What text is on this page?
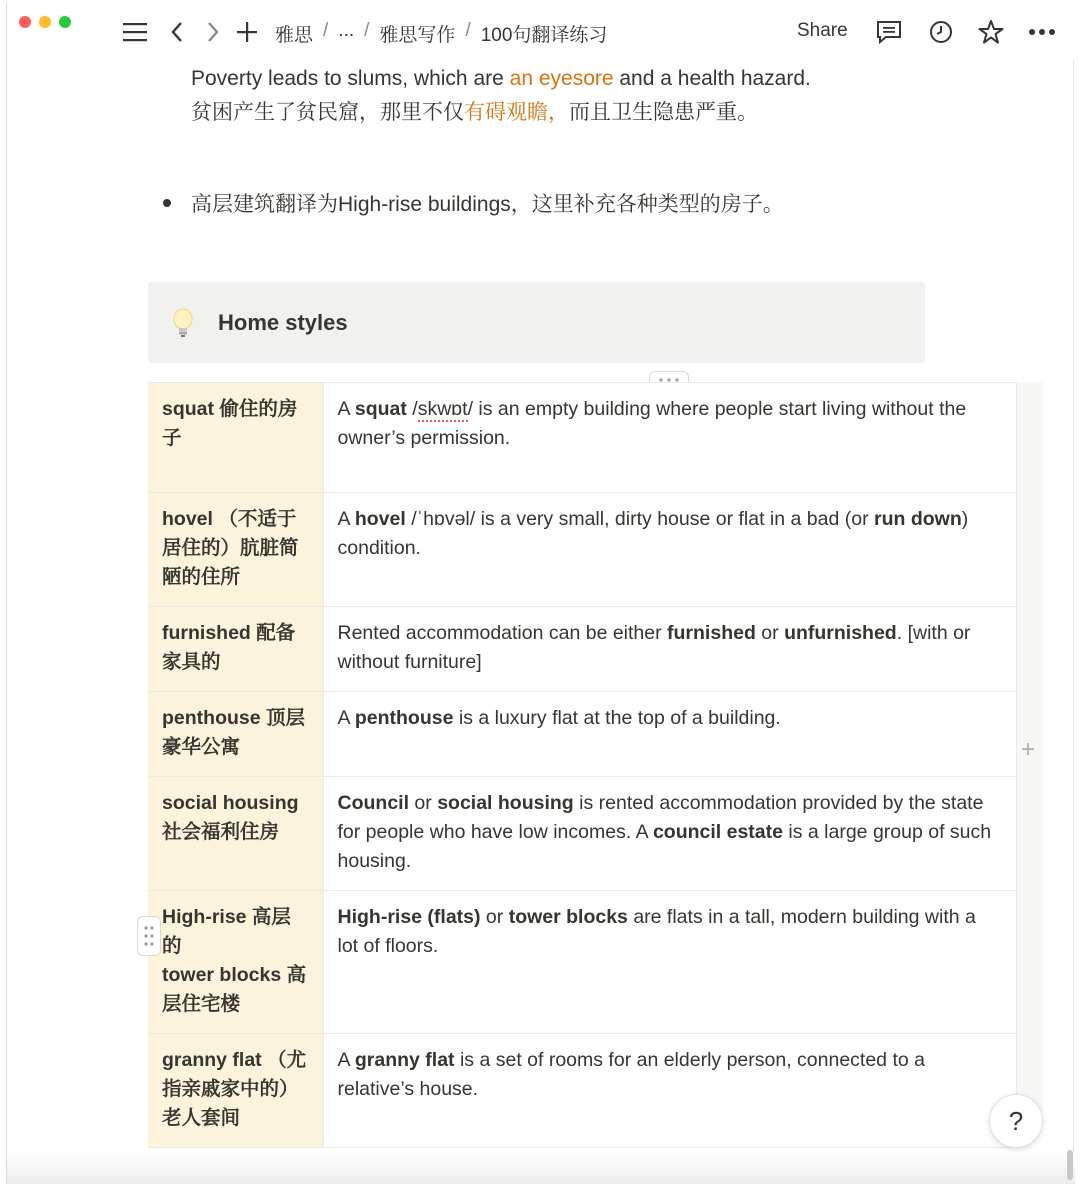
雅思 / ... / 雅思写作 / 100句翻译练习	Share
Poverty leads to slums, which are an eyesore and a health hazard.
贫困产生了贫民窟，那里不仅有碍观瞻，而且卫生隐患严重。
高层建筑翻译为High-rise buildings，这里补充各种类型的房子。
Home styles
+
squat 偷住的房子	A squat /skwɒt/ is an empty building where people start living without the owner’s permission.

hovel （不适于居住的）肮脏简陋的住所	A hovel /ˈhɒvəl/ is a very small, dirty house or flat in a bad (or run down) condition.

furnished 配备家具的	Rented accommodation can be either furnished or unfurnished. [with or without furniture]

penthouse 顶层豪华公寓	A penthouse is a luxury flat at the top of a building.

social housing 社会福利住房	Council or social housing is rented accommodation provided by the state for people who have low incomes. A council estate is a large group of such housing.

High-rise 高层的
tower blocks 高层住宅楼	High-rise (flats) or tower blocks are flats in a tall, modern building with a lot of floors.

granny flat （尤指亲戚家中的）老人套间	A granny flat is a set of rooms for an elderly person, connected to a relative’s house.
?
